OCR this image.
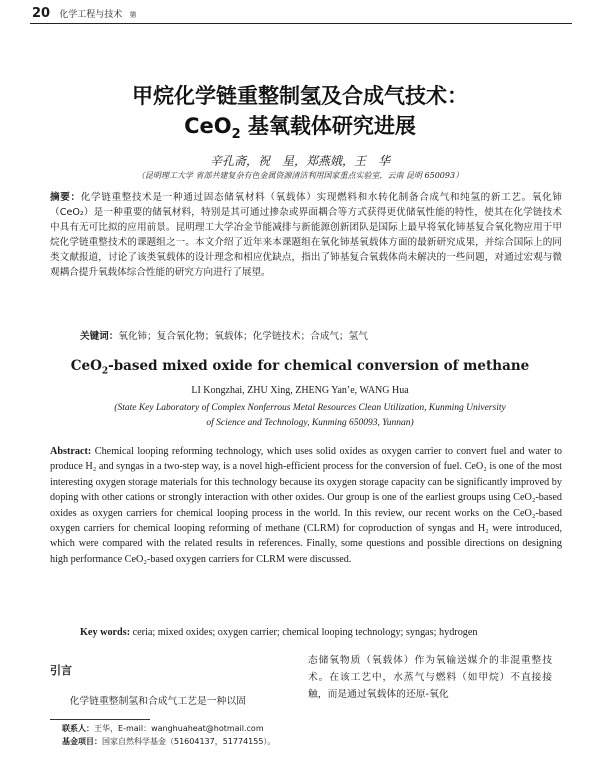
20 化学工程与技术 第
甲烷化学链重整制氢及合成气技术：
CeO$_2$ 基氧载体研究进展
辛孔斋，祝　星，郑燕娥，王　华
（昆明理工大学 省部共建复杂有色金属资源清洁利用国家重点实验室，云南 昆明 650093）
摘要：化学链重整技术是一种通过固态储氧材料（氧载体）实现燃料和水转化制备合成气和纯氢的新工艺。氧化铈（CeO₂）是一种重要的储氧材料，特别是其可通过掺杂或界面耦合等方式获得更优储氧性能的特性，使其在化学链技术中具有无可比拟的应用前景。昆明理工大学冶金节能减排与新能源创新团队是国际上最早将氧化铈基复合氧化物应用于甲烷化学链重整技术的课题组之一。本文介绍了近年来本课题组在氧化铈基氧载体方面的最新研究成果，并综合国际上的同类文献报道，讨论了该类氧载体的设计理念和相应优缺点，指出了铈基复合氧载体尚未解决的一些问题，对通过宏观与微观耦合提升氧载体综合性能的研究方向进行了展望。
关键词：氧化铈；复合氧化物；氧载体；化学链技术；合成气；氢气
CeO$_2$-based mixed oxide for chemical conversion of methane
LI Kongzhai, ZHU Xing, ZHENG Yan’e, WANG Hua
(State Key Laboratory of Complex Nonferrous Metal Resources Clean Utilization, Kunming University of Science and Technology, Kunming 650093, Yunnan)
Abstract: Chemical looping reforming technology, which uses solid oxides as oxygen carrier to convert fuel and water to produce H₂ and syngas in a two-step way, is a novel high-efficient process for the conversion of fuel. CeO₂ is one of the most interesting oxygen storage materials for this technology because its oxygen storage capacity can be significantly improved by doping with other cations or strongly interaction with other oxides. Our group is one of the earliest groups using CeO₂-based oxides as oxygen carriers for chemical looping process in the world. In this review, our recent works on the CeO₂-based oxygen carriers for chemical looping reforming of methane (CLRM) for coproduction of syngas and H₂ were introduced, which were compared with the related results in references. Finally, some questions and possible directions on designing high performance CeO₂-based oxygen carriers for CLRM were discussed.
Key words: ceria; mixed oxides; oxygen carrier; chemical looping technology; syngas; hydrogen
引言
化学链重整制氢和合成气工艺是一种以固
态储氧物质（氧载体）作为氧输送媒介的非混重整技术。在该工艺中，水蒸气与燃料（如甲烷）不直接接触，而是通过氧载体的还原-氧化
联系人：王华，E-mail：wanghuaheat@hotmail.com
基金项目：国家自然科学基金（51604137，51774155）。
